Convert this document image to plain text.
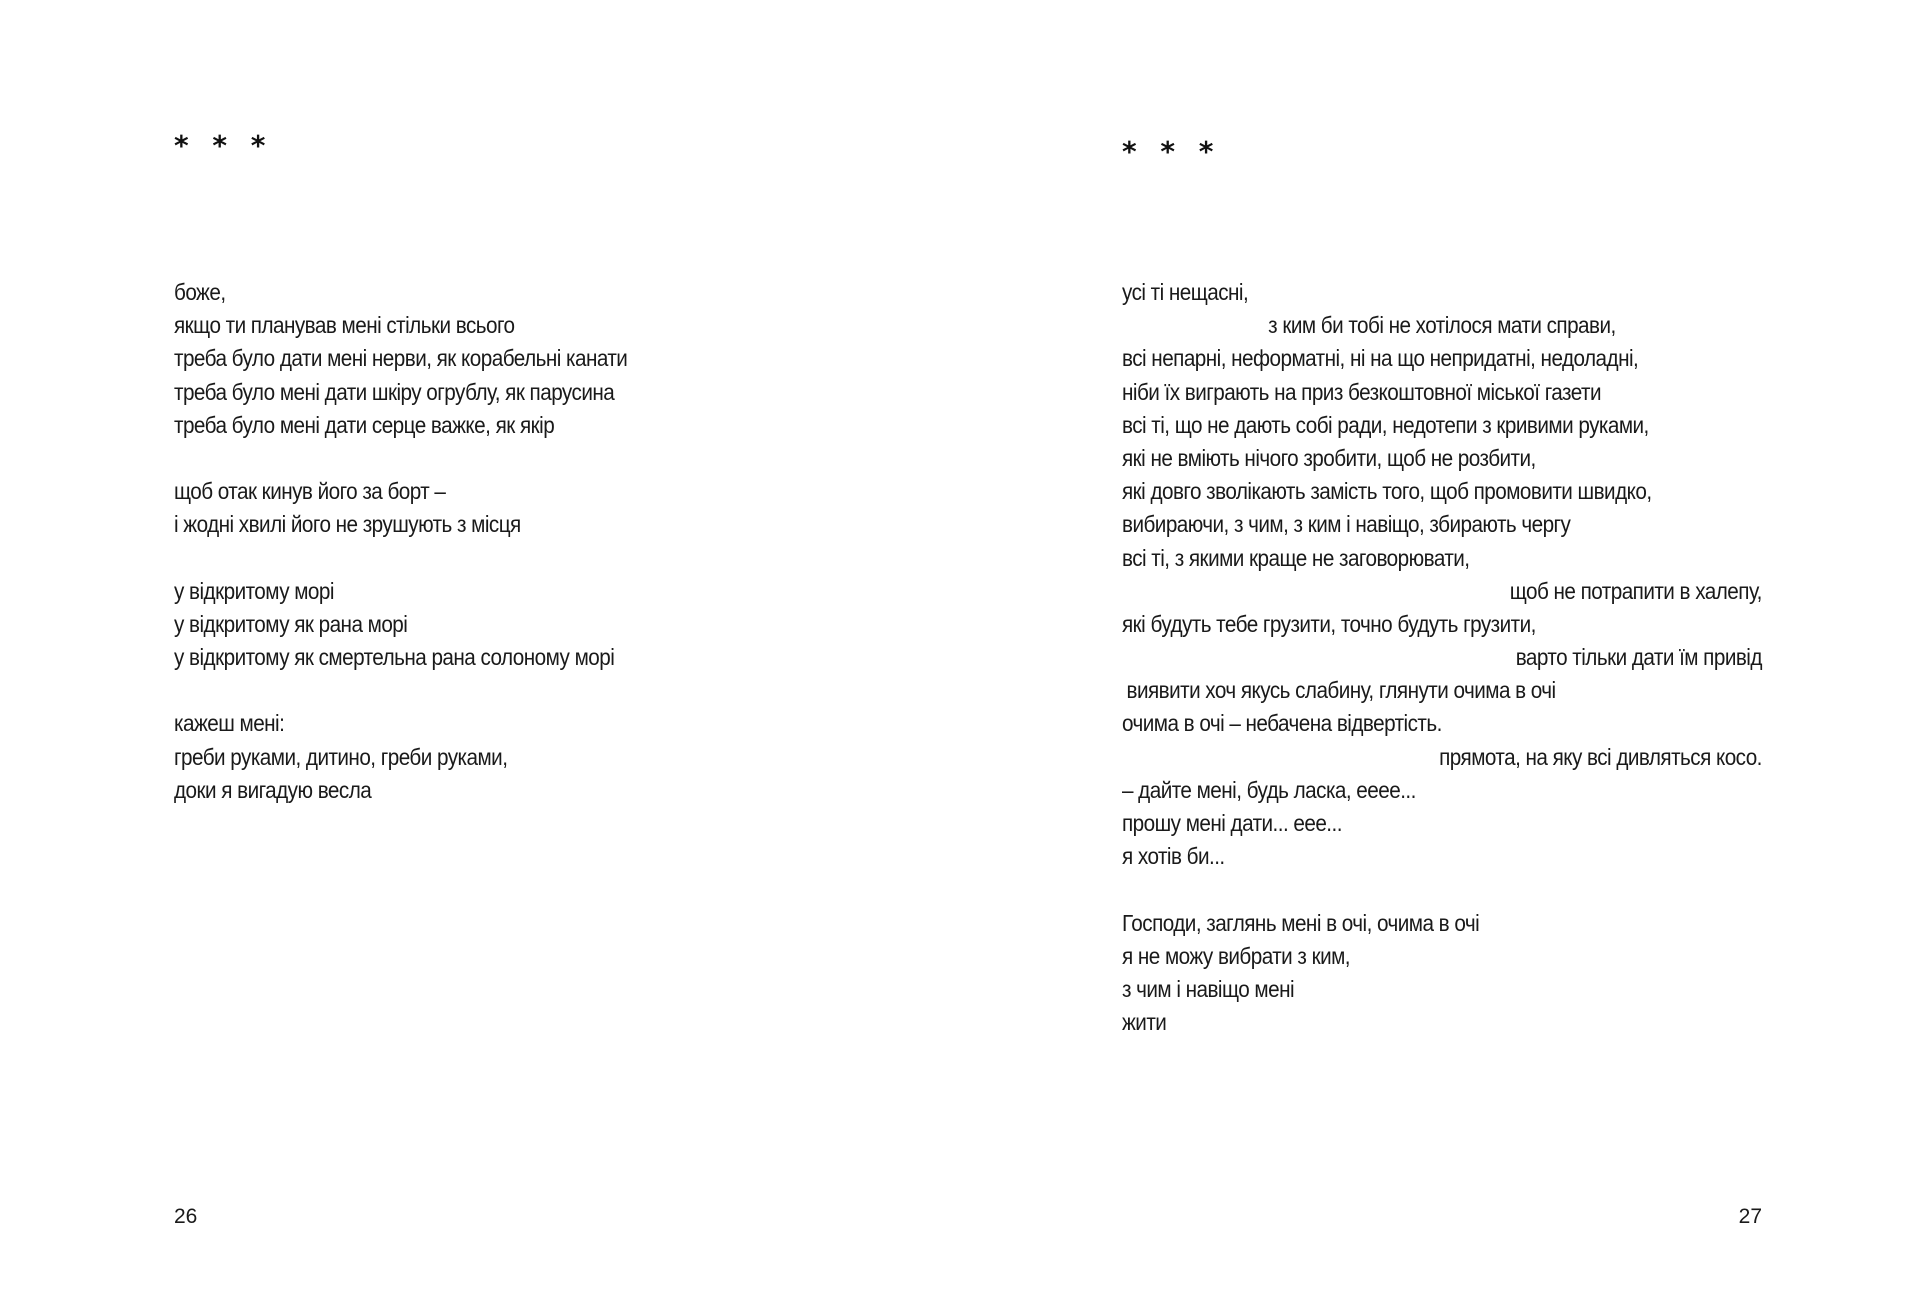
* * *
боже,
якщо ти планував мені стільки всього
треба було дати мені нерви, як корабельні канати
треба було мені дати шкіру огрублу, як парусина
треба було мені дати серце важке, як якір
щоб отак кинув його за борт –
і жодні хвилі його не зрушують з місця
у відкритому морі
у відкритому як рана морі
у відкритому як смертельна рана солоному морі
кажеш мені:
греби руками, дитино, греби руками,
доки я вигадую весла
26
* * *
усі ті нещасні,
з ким би тобі не хотілося мати справи,
всі непарні, неформатні, ні на що непридатні, недоладні,
ніби їх виграють на приз безкоштовної міської газети
всі ті, що не дають собі ради, недотепи з кривими руками,
які не вміють нічого зробити, щоб не розбити,
які довго зволікають замість того, щоб промовити швидко,
вибираючи, з чим, з ким і навіщо, збирають чергу
всі ті, з якими краще не заговорювати,
щоб не потрапити в халепу,
які будуть тебе грузити, точно будуть грузити,
варто тільки дати їм привід
виявити хоч якусь слабину, глянути очима в очі
очима в очі – небачена відвертість.
прямота, на яку всі дивляться косо.
– дайте мені, будь ласка, ееее...
прошу мені дати... еее...
я хотів би...
Господи, заглянь мені в очі, очима в очі
я не можу вибрати з ким,
з чим і навіщо мені
жити
27
